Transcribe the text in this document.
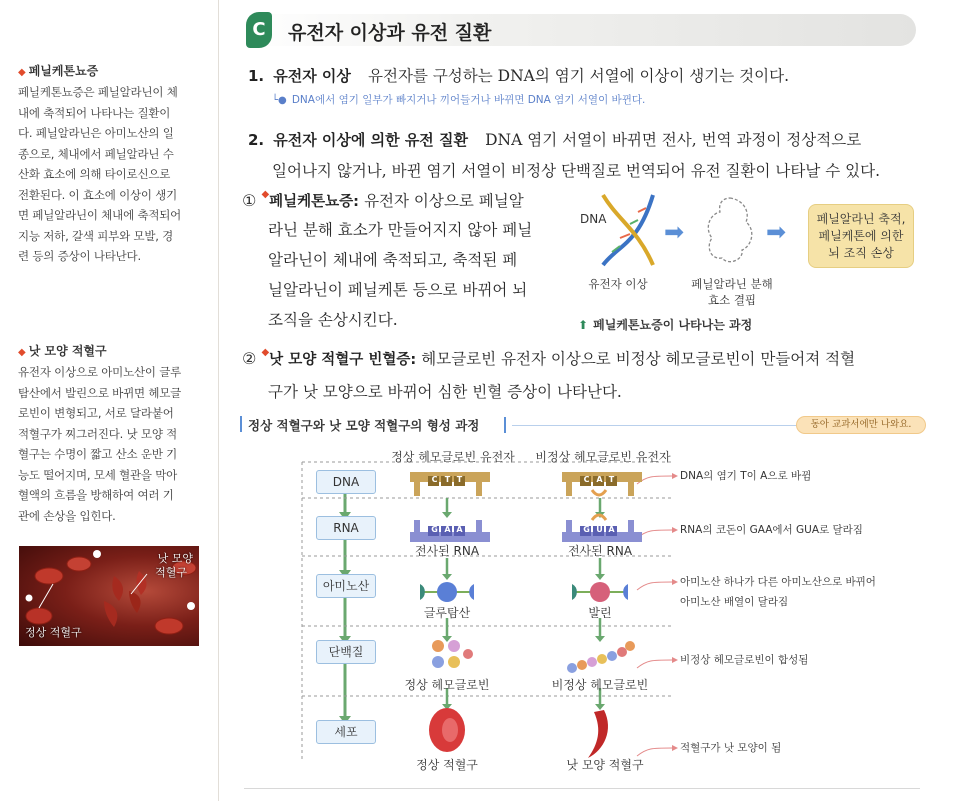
◆ 페닐케톤뇨증
페닐케톤뇨증은 페닐알라닌이 체
내에 축적되어 나타나는 질환이
다. 페닐알라닌은 아미노산의 일
종으로, 체내에서 페닐알라닌 수
산화 효소에 의해 타이로신으로
전환된다. 이 효소에 이상이 생기
면 페닐알라닌이 체내에 축적되어
지능 저하, 갈색 피부와 모발, 경
련 등의 증상이 나타난다.
◆ 낫 모양 적혈구
유전자 이상으로 아미노산이 글루
탐산에서 발린으로 바뀌면 헤모글
로빈이 변형되고, 서로 달라붙어
적혈구가 찌그러진다. 낫 모양 적
혈구는 수명이 짧고 산소 운반 기
능도 떨어지며, 모세 혈관을 막아
혈액의 흐름을 방해하여 여러 기
관에 손상을 입힌다.
낫 모양
적혈구
정상 적혈구
C	유전자 이상과 유전 질환
1. 유전자 이상 유전자를 구성하는 DNA의 염기 서열에 이상이 생기는 것이다.
└● DNA에서 염기 일부가 빠지거나 끼어들거나 바뀌면 DNA 염기 서열이 바뀐다.
2. 유전자 이상에 의한 유전 질환 DNA 염기 서열이 바뀌면 전사, 번역 과정이 정상적으로
일어나지 않거나, 바뀐 염기 서열이 비정상 단백질로 번역되어 유전 질환이 나타날 수 있다.
① ◆페닐케톤뇨증: 유전자 이상으로 페닐알
라닌 분해 효소가 만들어지지 않아 페닐
알라닌이 체내에 축적되고, 축적된 페
닐알라닌이 페닐케톤 등으로 바뀌어 뇌
조직을 손상시킨다.
DNA ➡	➡	페닐알라닌 축적,
페닐케톤에 의한
뇌 조직 손상
유전자 이상	페닐알라닌 분해
효소 결핍
⬆ 페닐케톤뇨증이 나타나는 과정
② ◆낫 모양 적혈구 빈혈증: 헤모글로빈 유전자 이상으로 비정상 헤모글로빈이 만들어져 적혈
구가 낫 모양으로 바뀌어 심한 빈혈 증상이 나타난다.
정상 적혈구와 낫 모양 적혈구의 형성 과정	동아 교과서에만 나와요.
DNA
RNA
아미노산
단백질
세포
정상 헤모글로빈 유전자 비정상 헤모글로빈 유전자
C T T	C A T
G A A	G U A
전사된 RNA	전사된 RNA
글루탐산	발린
정상 헤모글로빈	비정상 헤모글로빈
정상 적혈구	낫 모양 적혈구
DNA의 염기 T이 A으로 바뀜
RNA의 코돈이 GAA에서 GUA로 달라짐
아미노산 하나가 다른 아미노산으로 바뀌어
아미노산 배열이 달라짐
비정상 헤모글로빈이 합성됨
적혈구가 낫 모양이 됨
